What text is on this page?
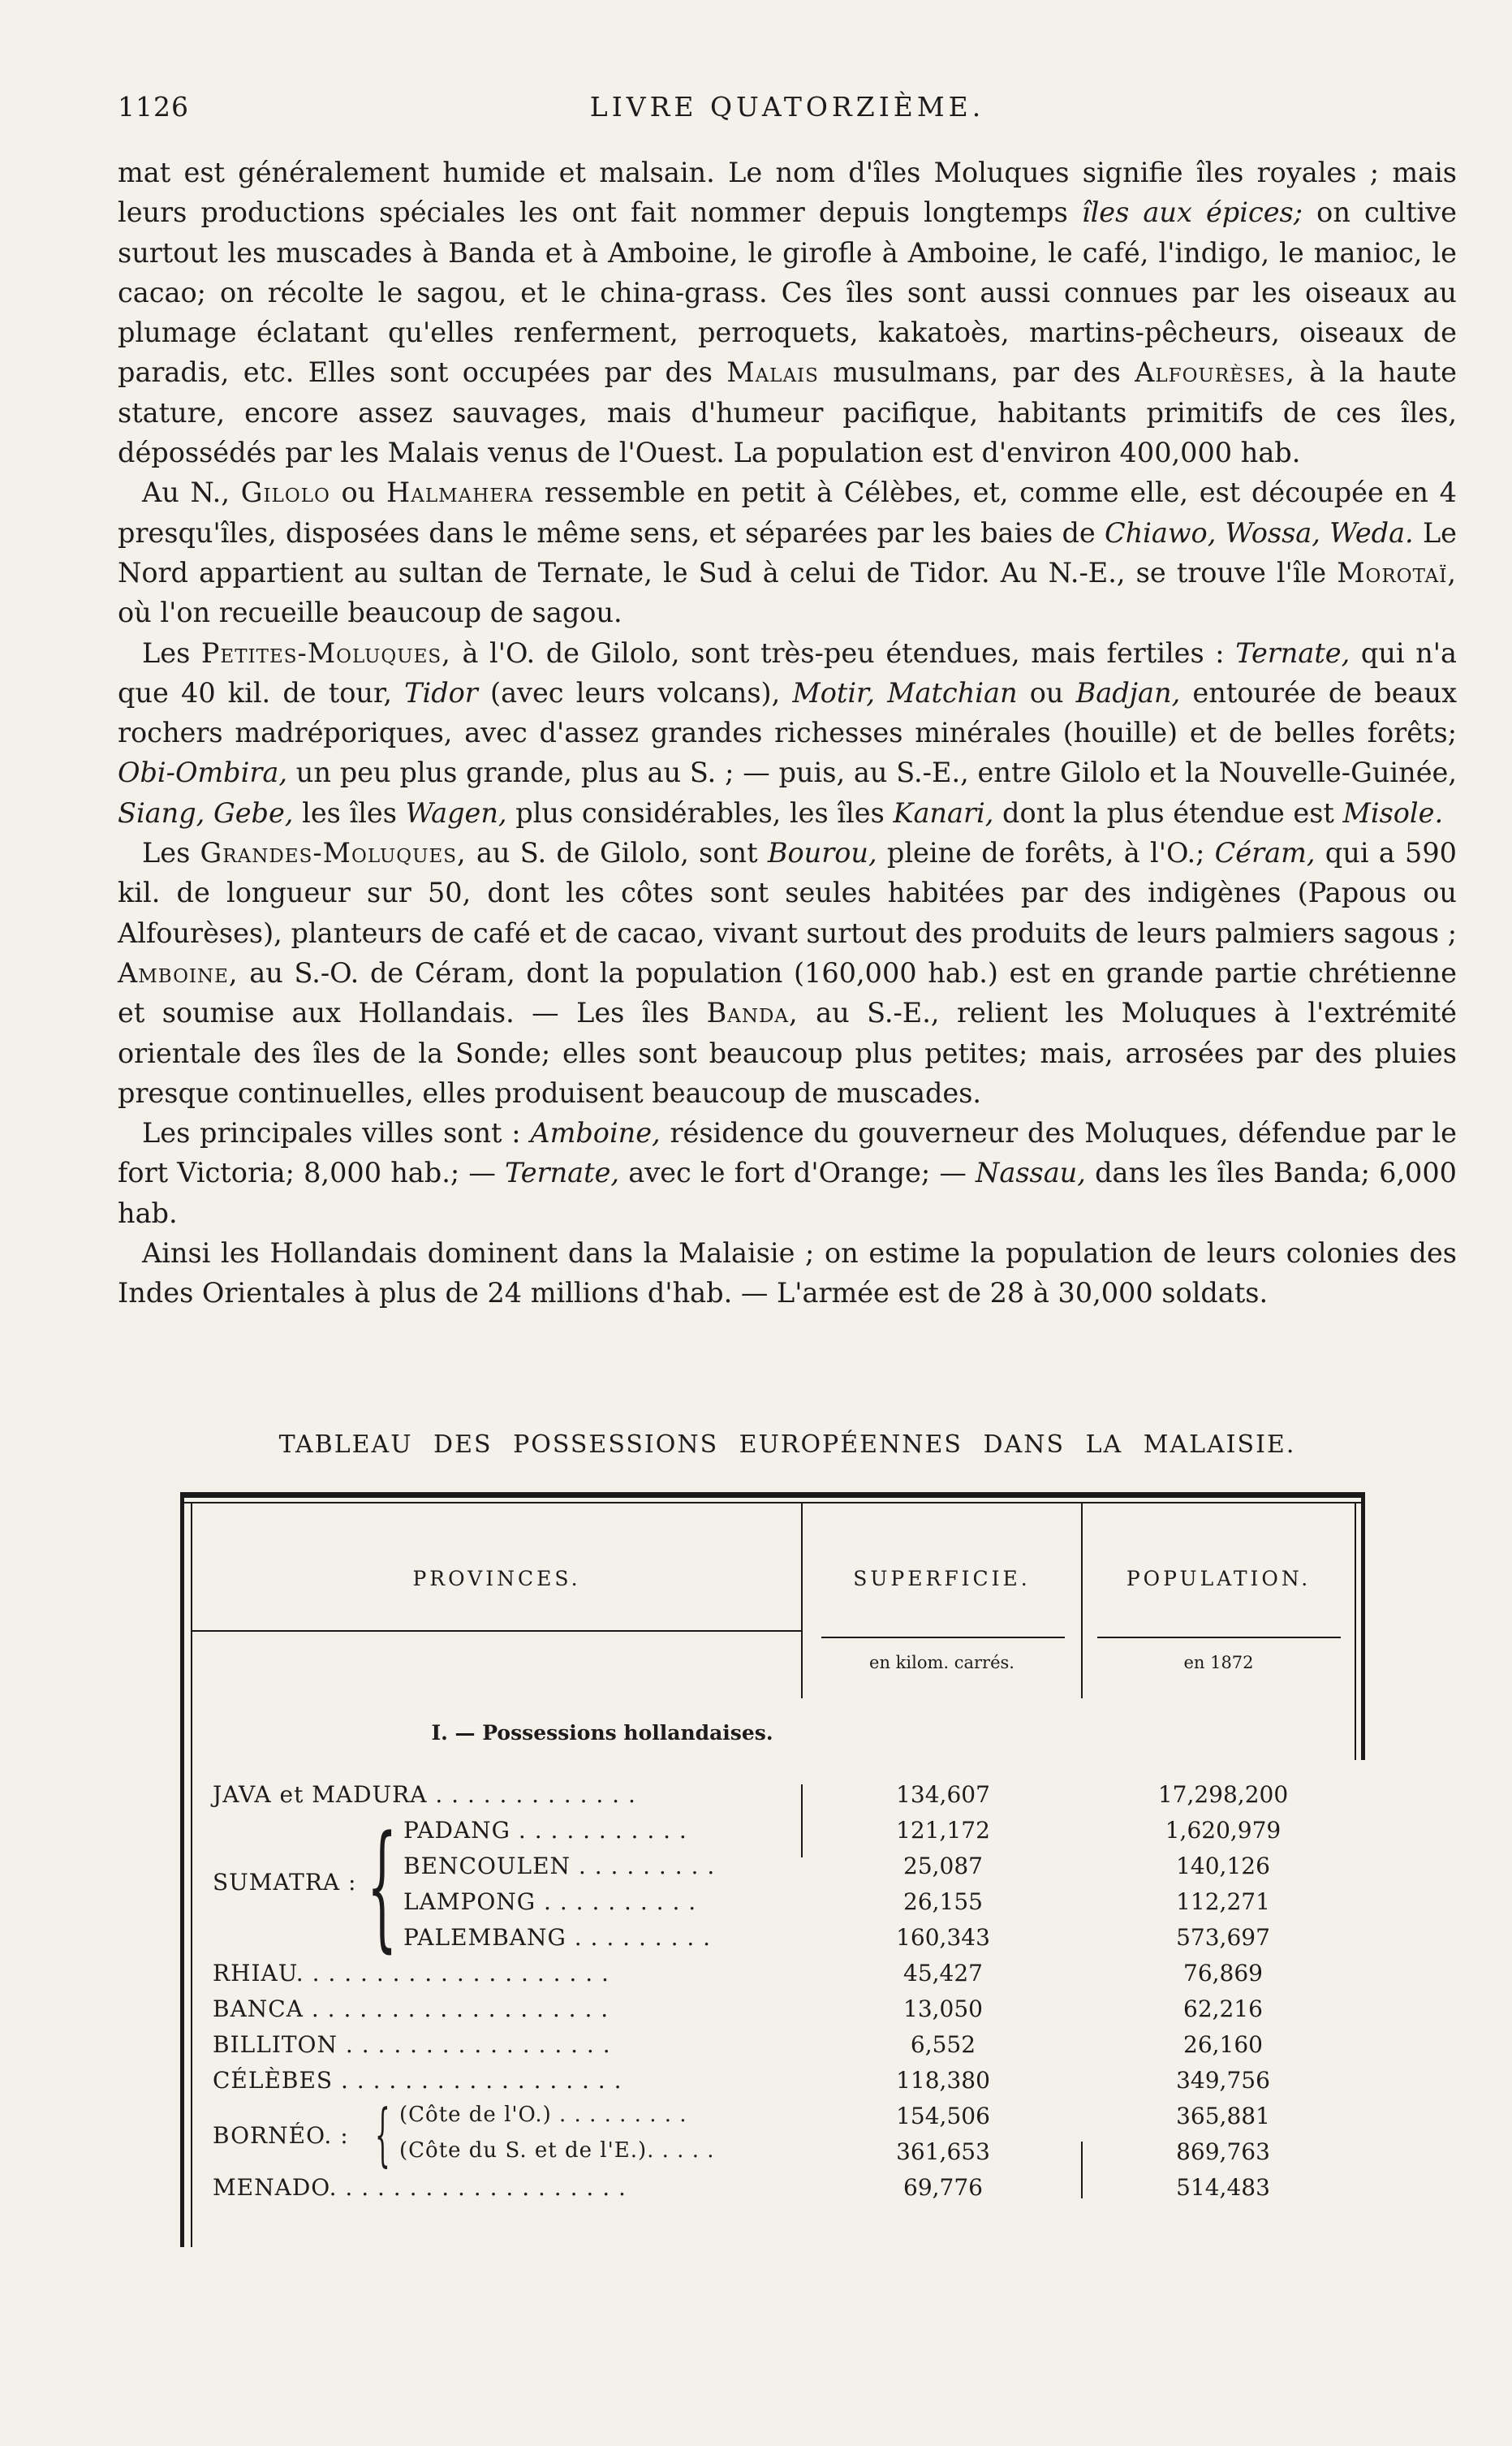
1126	LIVRE QUATORZIÈME.

mat est généralement humide et malsain. Le nom d'îles Moluques signifie îles royales ; mais leurs productions spéciales les ont fait nommer depuis longtemps îles aux épices; on cultive surtout les muscades à Banda et à Amboine, le girofle à Amboine, le café, l'indigo, le manioc, le cacao; on récolte le sagou, et le china-grass. Ces îles sont aussi connues par les oiseaux au plumage éclatant qu'elles renferment, perroquets, kakatoès, martins-pêcheurs, oiseaux de paradis, etc. Elles sont occupées par des Malais musulmans, par des Alfourèses, à la haute stature, encore assez sauvages, mais d'humeur pacifique, habitants primitifs de ces îles, dépossédés par les Malais venus de l'Ouest. La population est d'environ 400,000 hab.

Au N., Gilolo ou Halmahera ressemble en petit à Célèbes, et, comme elle, est découpée en 4 presqu'îles, disposées dans le même sens, et séparées par les baies de Chiawo, Wossa, Weda. Le Nord appartient au sultan de Ternate, le Sud à celui de Tidor. Au N.-E., se trouve l'île Morotaï, où l'on recueille beaucoup de sagou.

Les Petites-Moluques, à l'O. de Gilolo, sont très-peu étendues, mais fertiles : Ternate, qui n'a que 40 kil. de tour, Tidor (avec leurs volcans), Motir, Matchian ou Badjan, entourée de beaux rochers madréporiques, avec d'assez grandes richesses minérales (houille) et de belles forêts; Obi-Ombira, un peu plus grande, plus au S. ; — puis, au S.-E., entre Gilolo et la Nouvelle-Guinée, Siang, Gebe, les îles Wagen, plus considérables, les îles Kanari, dont la plus étendue est Misole.

Les Grandes-Moluques, au S. de Gilolo, sont Bourou, pleine de forêts, à l'O.; Céram, qui a 590 kil. de longueur sur 50, dont les côtes sont seules habitées par des indigènes (Papous ou Alfourèses), planteurs de café et de cacao, vivant surtout des produits de leurs palmiers sagous ; Amboine, au S.-O. de Céram, dont la population (160,000 hab.) est en grande partie chrétienne et soumise aux Hollandais. — Les îles Banda, au S.-E., relient les Moluques à l'extrémité orientale des îles de la Sonde; elles sont beaucoup plus petites; mais, arrosées par des pluies presque continuelles, elles produisent beaucoup de muscades.

Les principales villes sont : Amboine, résidence du gouverneur des Moluques, défendue par le fort Victoria; 8,000 hab.; — Ternate, avec le fort d'Orange; — Nassau, dans les îles Banda; 6,000 hab.

Ainsi les Hollandais dominent dans la Malaisie ; on estime la population de leurs colonies des Indes Orientales à plus de 24 millions d'hab. — L'armée est de 28 à 30,000 soldats.

TABLEAU DES POSSESSIONS EUROPÉENNES DANS LA MALAISIE.
PROVINCES.	SUPERFICIE.	POPULATION.
en kilom. carrés.	en 1872
I. — Possessions hollandaises.
JAVA et MADURA . . . . . . . . . . . . .	134,607	17,298,200
SUMATRA : { PADANG . . . . . . . . . . .	121,172	1,620,979
BENCOULEN . . . . . . . . .	25,087	140,126
LAMPONG . . . . . . . . . .	26,155	112,271
PALEMBANG . . . . . . . . .	160,343	573,697
RHIAU. . . . . . . . . . . . . . . . . . . .	45,427	76,869
BANCA . . . . . . . . . . . . . . . . . . .	13,050	62,216
BILLITON . . . . . . . . . . . . . . . . .	6,552	26,160
CÉLÈBES . . . . . . . . . . . . . . . . . .	118,380	349,756
BORNÉO. : { (Côte de l'O.) . . . . . . . . .	154,506	365,881
(Côte du S. et de l'E.). . . . .	361,653	869,763
MENADO. . . . . . . . . . . . . . . . . . .	69,776	514,483
